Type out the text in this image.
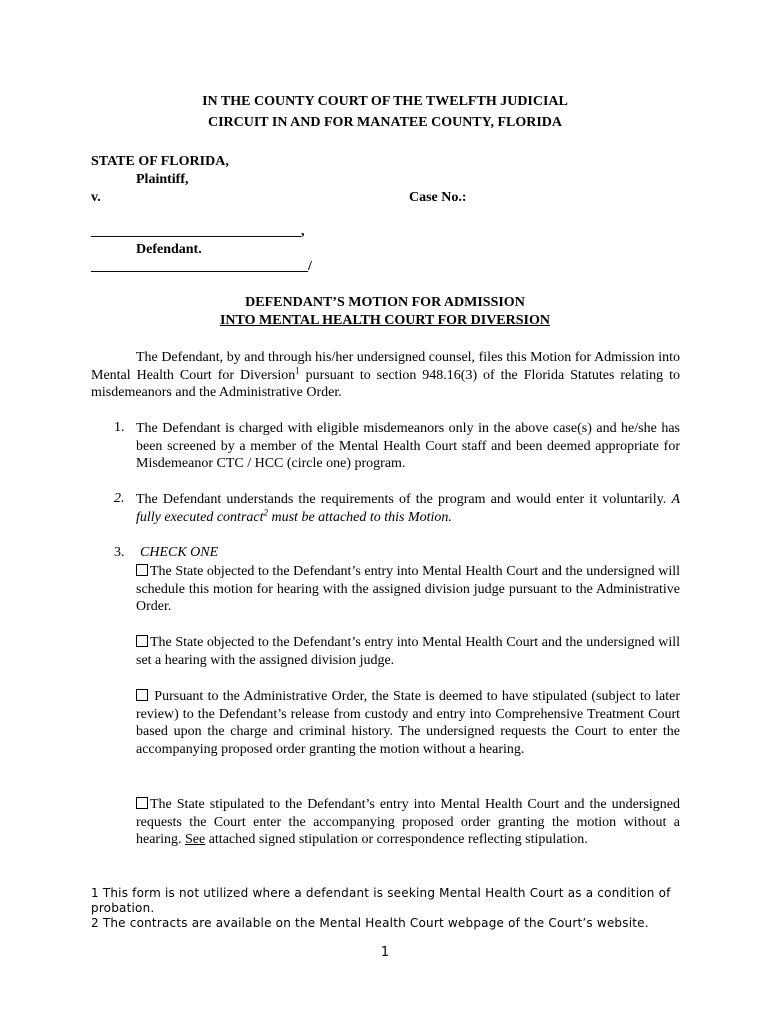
IN THE COUNTY COURT OF THE TWELFTH JUDICIAL
CIRCUIT IN AND FOR MANATEE COUNTY, FLORIDA
STATE OF FLORIDA,
Plaintiff,
v.	Case No.:
______________________________,
Defendant.
_______________________________/
DEFENDANT’S MOTION FOR ADMISSION
INTO MENTAL HEALTH COURT FOR DIVERSION
The Defendant, by and through his/her undersigned counsel, files this Motion for Admission into Mental Health Court for Diversion$^1$ pursuant to section 948.16(3) of the Florida Statutes relating to misdemeanors and the Administrative Order.
1. The Defendant is charged with eligible misdemeanors only in the above case(s) and he/she has been screened by a member of the Mental Health Court staff and been deemed appropriate for Misdemeanor CTC / HCC (circle one) program.
2. The Defendant understands the requirements of the program and would enter it voluntarily. A fully executed contract$^2$ must be attached to this Motion.
3. CHECK ONE
The State objected to the Defendant’s entry into Mental Health Court and the undersigned will schedule this motion for hearing with the assigned division judge pursuant to the Administrative Order.
The State objected to the Defendant’s entry into Mental Health Court and the undersigned will set a hearing with the assigned division judge.
Pursuant to the Administrative Order, the State is deemed to have stipulated (subject to later review) to the Defendant’s release from custody and entry into Comprehensive Treatment Court based upon the charge and criminal history. The undersigned requests the Court to enter the accompanying proposed order granting the motion without a hearing.
The State stipulated to the Defendant’s entry into Mental Health Court and the undersigned requests the Court enter the accompanying proposed order granting the motion without a hearing. See attached signed stipulation or correspondence reflecting stipulation.
1 This form is not utilized where a defendant is seeking Mental Health Court as a condition of probation.
2 The contracts are available on the Mental Health Court webpage of the Court’s website.
1
